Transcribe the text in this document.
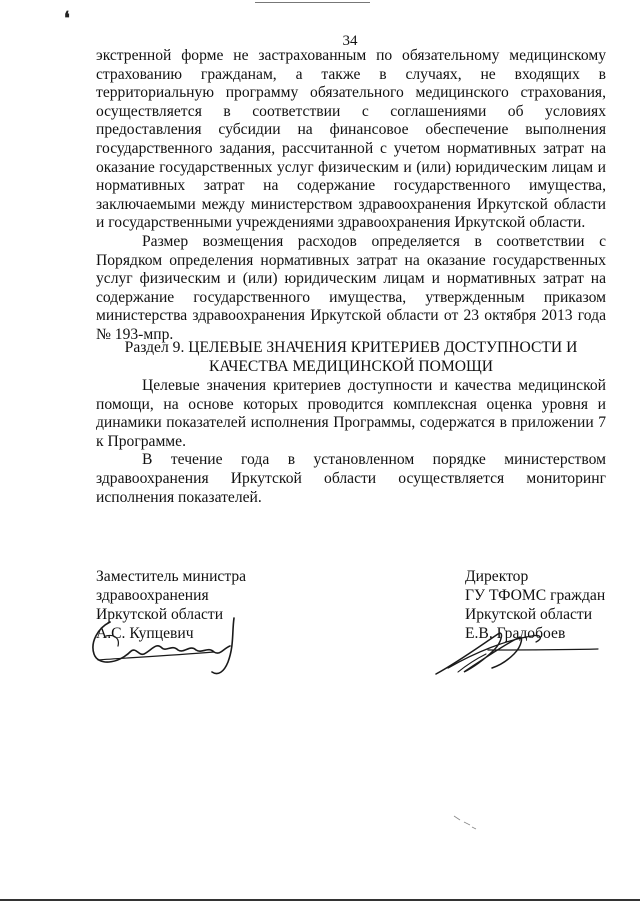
❛
34

экстренной форме не застрахованным по обязательному медицинскому страхованию гражданам, а также в случаях, не входящих в территориальную программу обязательного медицинского страхования, осуществляется в соответствии с соглашениями об условиях предоставления субсидии на финансовое обеспечение выполнения государственного задания, рассчитанной с учетом нормативных затрат на оказание государственных услуг физическим и (или) юридическим лицам и нормативных затрат на содержание государственного имущества, заключаемыми между министерством здравоохранения Иркутской области и государственными учреждениями здравоохранения Иркутской области.

Размер возмещения расходов определяется в соответствии с Порядком определения нормативных затрат на оказание государственных услуг физическим и (или) юридическим лицам и нормативных затрат на содержание государственного имущества, утвержденным приказом министерства здравоохранения Иркутской области от 23 октября 2013 года № 193-мпр.

Раздел 9. ЦЕЛЕВЫЕ ЗНАЧЕНИЯ КРИТЕРИЕВ ДОСТУПНОСТИ И
КАЧЕСТВА МЕДИЦИНСКОЙ ПОМОЩИ

Целевые значения критериев доступности и качества медицинской помощи, на основе которых проводится комплексная оценка уровня и динамики показателей исполнения Программы, содержатся в приложении 7 к Программе.

В течение года в установленном порядке министерством здравоохранения Иркутской области осуществляется мониторинг исполнения показателей.

Заместитель министра
здравоохранения
Иркутской области
А.С. Купцевич
Директор
ГУ ТФОМС граждан
Иркутской области
Е.В. Градобоев
